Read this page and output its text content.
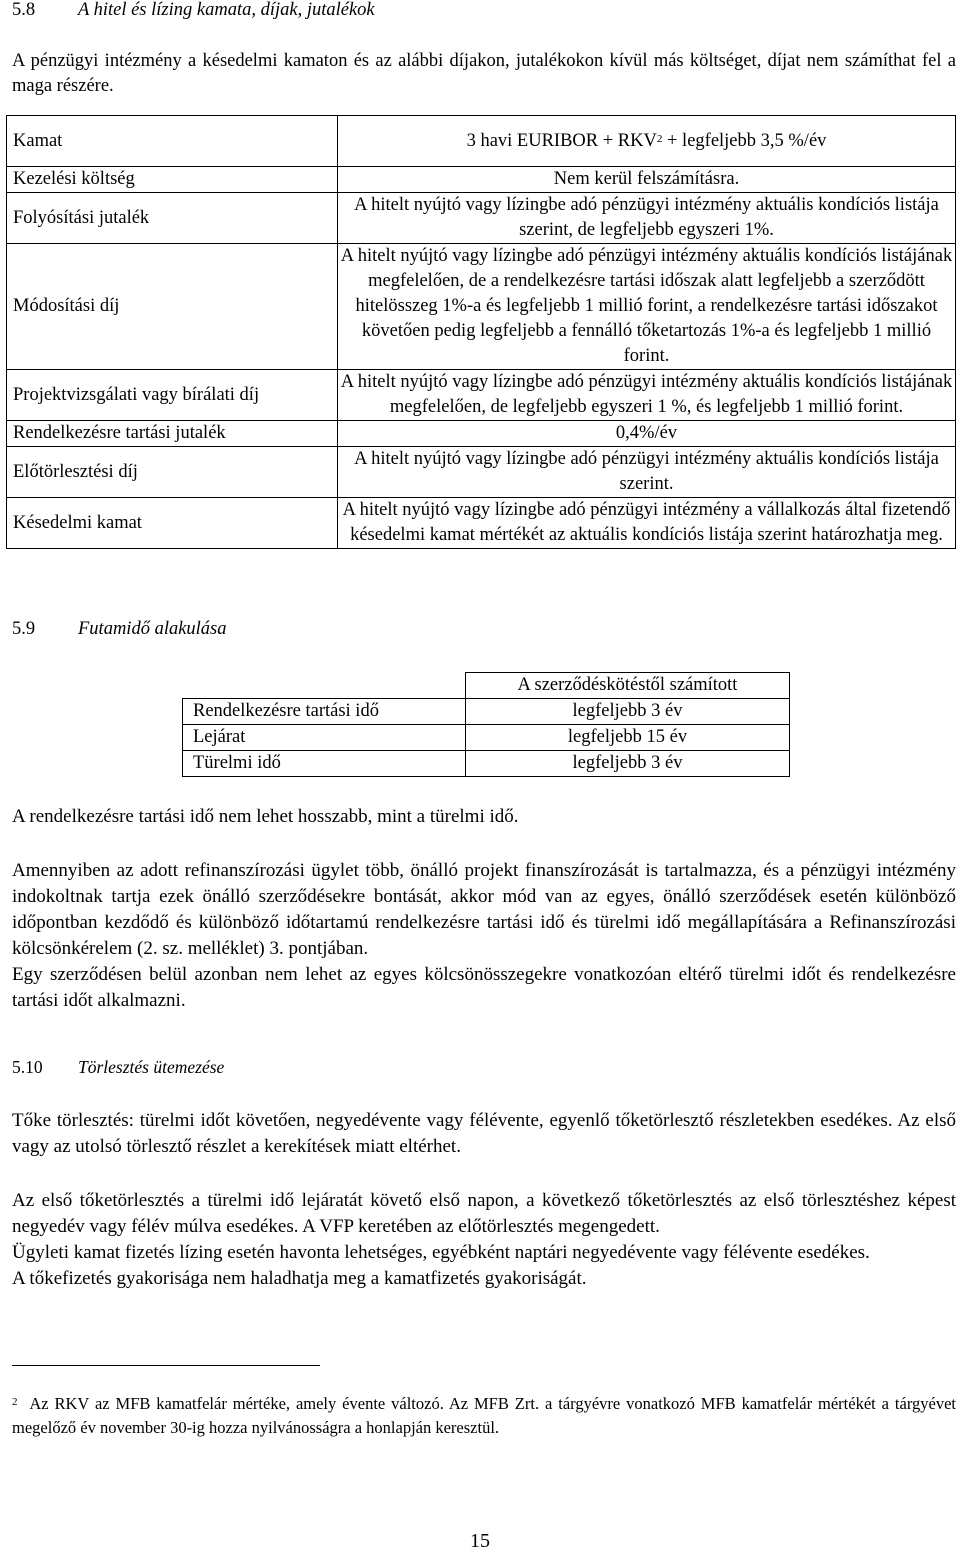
5.8 A hitel és lízing kamata, díjak, jutalékok
A pénzügyi intézmény a késedelmi kamaton és az alábbi díjakon, jutalékokon kívül más költséget, díjat nem számíthat fel a maga részére.
Kamat	3 havi EURIBOR + $RKV^2$ + legfeljebb 3,5 %/év
Kezelési költség	Nem kerül felszámításra.
Folyósítási jutalék	A hitelt nyújtó vagy lízingbe adó pénzügyi intézmény aktuális kondíciós listája szerint, de legfeljebb egyszeri 1%.
Módosítási díj	A hitelt nyújtó vagy lízingbe adó pénzügyi intézmény aktuális kondíciós listájának megfelelően, de a rendelkezésre tartási időszak alatt legfeljebb a szerződött hitelösszeg 1%-a és legfeljebb 1 millió forint, a rendelkezésre tartási időszakot követően pedig legfeljebb a fennálló tőketartozás 1%-a és legfeljebb 1 millió forint.
Projektvizsgálati vagy bírálati díj	A hitelt nyújtó vagy lízingbe adó pénzügyi intézmény aktuális kondíciós listájának megfelelően, de legfeljebb egyszeri 1 %, és legfeljebb 1 millió forint.
Rendelkezésre tartási jutalék	0,4%/év
Előtörlesztési díj	A hitelt nyújtó vagy lízingbe adó pénzügyi intézmény aktuális kondíciós listája szerint.
Késedelmi kamat	A hitelt nyújtó vagy lízingbe adó pénzügyi intézmény a vállalkozás által fizetendő késedelmi kamat mértékét az aktuális kondíciós listája szerint határozhatja meg.
5.9 Futamidő alakulása
	A szerződéskötéstől számított
Rendelkezésre tartási idő	legfeljebb 3 év
Lejárat	legfeljebb 15 év
Türelmi idő	legfeljebb 3 év
A rendelkezésre tartási idő nem lehet hosszabb, mint a türelmi idő.

Amennyiben az adott refinanszírozási ügylet több, önálló projekt finanszírozását is tartalmazza, és a pénzügyi intézmény indokoltnak tartja ezek önálló szerződésekre bontását, akkor mód van az egyes, önálló szerződések esetén különböző időpontban kezdődő és különböző időtartamú rendelkezésre tartási idő és türelmi idő megállapítására a Refinanszírozási kölcsönkérelem (2. sz. melléklet) 3. pontjában.

Egy szerződésen belül azonban nem lehet az egyes kölcsönösszegekre vonatkozóan eltérő türelmi időt és rendelkezésre tartási időt alkalmazni.

5.10 Törlesztés ütemezése
Tőke törlesztés: türelmi időt követően, negyedévente vagy félévente, egyenlő tőketörlesztő részletekben esedékes. Az első vagy az utolsó törlesztő részlet a kerekítések miatt eltérhet.

Az első tőketörlesztés a türelmi idő lejáratát követő első napon, a következő tőketörlesztés az első törlesztéshez képest negyedév vagy félév múlva esedékes. A VFP keretében az előtörlesztés megengedett.

Ügyleti kamat fizetés lízing esetén havonta lehetséges, egyébként naptári negyedévente vagy félévente esedékes.

A tőkefizetés gyakorisága nem haladhatja meg a kamatfizetés gyakoriságát.

$^2$ Az RKV az MFB kamatfelár mértéke, amely évente változó. Az MFB Zrt. a tárgyévre vonatkozó MFB kamatfelár mértékét a tárgyévet megelőző év november 30-ig hozza nyilvánosságra a honlapján keresztül.
15
